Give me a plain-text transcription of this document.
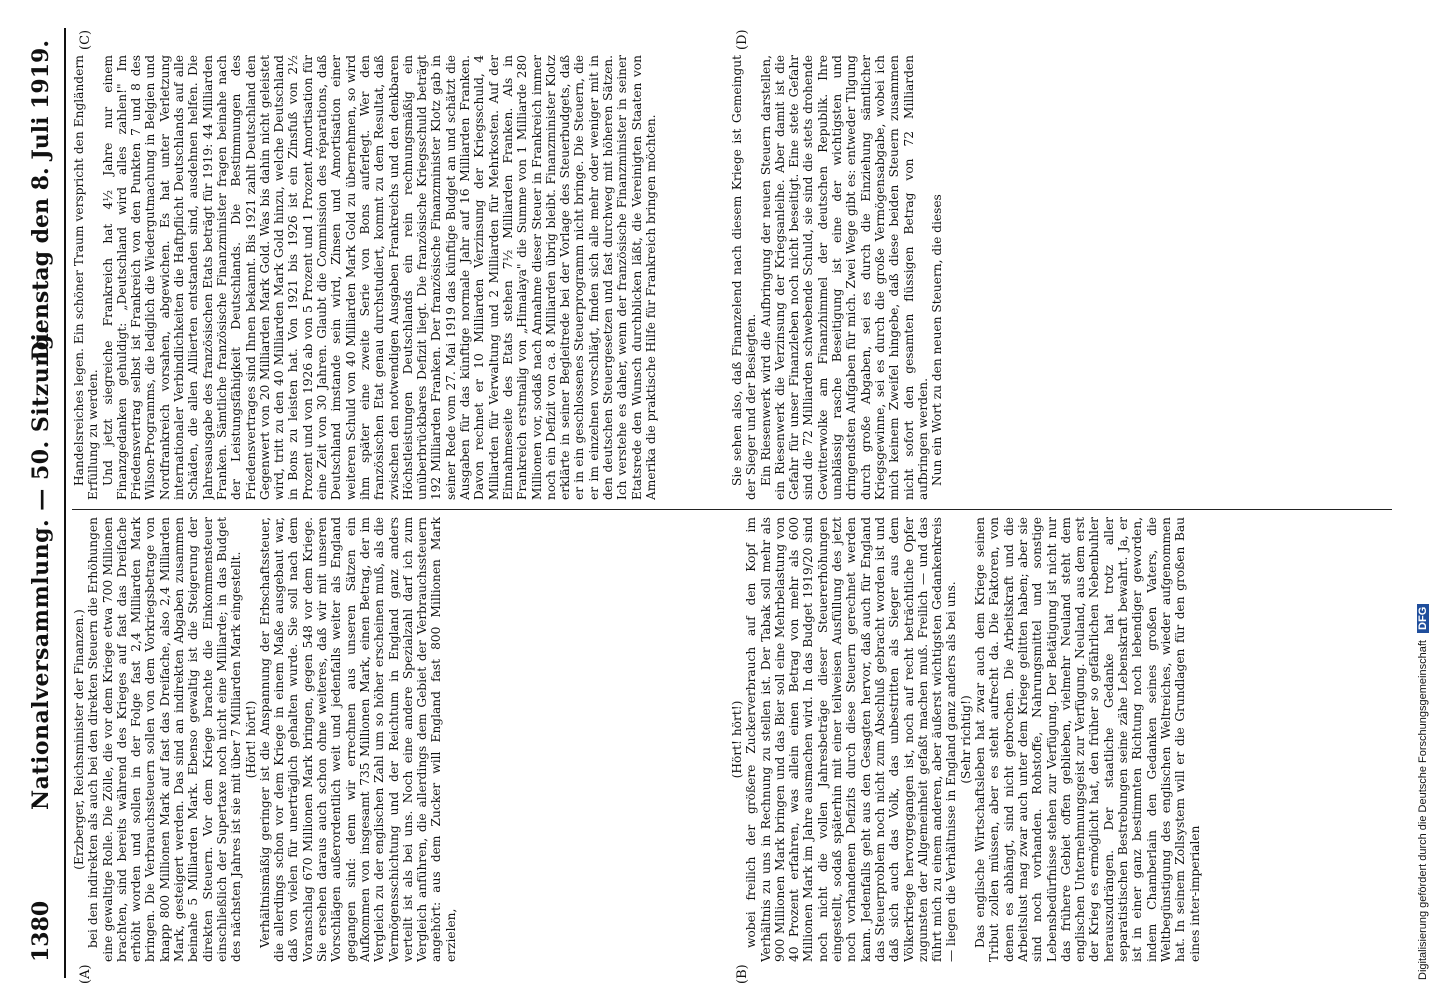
1380
Nationalversammlung. — 50. Sitzung.
Dienstag den 8. Juli 1919.
(A)	(B)
(C)	(D)

(Erzberger, Reichsminister der Finanzen.) bei den indirekten als auch bei den direkten Steuern die Erhöhungen eine gewaltige Rolle. Die Zölle, die vor dem Kriege etwa 700 Millionen brachten, sind bereits während des Krieges auf fast das Dreifache erhöht worden und sollen in der Folge fast 2,4 Milliarden Mark bringen. Die Verbrauchssteuern sollen von dem Vorkriegsbetrage von knapp 800 Millionen Mark auf fast das Dreifache, also 2,4 Milliarden Mark, gesteigert werden. Das sind an indirekten Abgaben zusammen beinahe 5 Milliarden Mark. Ebenso gewaltig ist die Steigerung der direkten Steuern. Vor dem Kriege brachte die Einkommensteuer einschließlich der Supertaxe noch nicht eine Milliarde; in das Budget des nächsten Jahres ist sie mit über 7 Milliarden Mark eingestellt. (Hört! hört!) Verhältnismäßig geringer ist die Anspannung der Erbschaftssteuer, die allerdings schon vor dem Kriege in einem Maße ausgebaut war, daß von vielen für unerträglich gehalten wurde. Sie soll nach dem Voranschlag 670 Millionen Mark bringen, gegen 548 vor dem Kriege. Sie ersehen daraus auch schon ohne weiteres, daß wir mit unseren Vorschlägen außerordentlich weit und jedenfalls weiter als England gegangen sind: denn wir errechnen aus unseren Sätzen ein Aufkommen von insgesamt 735 Millionen Mark, einen Betrag, der im Vergleich zu der englischen Zahl um so höher erscheinen muß, als die Vermögensschichtung und der Reichtum in England ganz anders verteilt ist als bei uns. Noch eine andere Spezialzahl darf ich zum Vergleich anführen, die allerdings dem Gebiet der Verbrauchssteuern angehört: aus dem Zucker will England fast 800 Millionen Mark erzielen,

(Hört! hört!) wobei freilich der größere Zuckerverbrauch auf den Kopf im Verhältnis zu uns in Rechnung zu stellen ist. Der Tabak soll mehr als 900 Millionen Mark bringen und das Bier soll eine Mehrbelastung von 40 Prozent erfahren, was allein einen Betrag von mehr als 600 Millionen Mark im Jahre ausmachen wird. In das Budget 1919/20 sind noch nicht die vollen Jahresbeträge dieser Steuererhöhungen eingestellt, sodaß späterhin mit einer teilweisen Ausfüllung des jetzt noch vorhandenen Defizits durch diese Steuern gerechnet werden kann. Jedenfalls geht aus den Gesagten hervor, daß auch für England das Steuerproblem noch nicht zum Abschluß gebracht worden ist und daß sich auch das Volk, das unbestritten als Sieger aus dem Völkerkriege hervorgegangen ist, noch auf recht beträchtliche Opfer zugunsten der Allgemeinheit gefaßt machen muß. Freilich — und das führt mich zu einem anderen, aber äußerst wichtigsten Gedankenkreis — liegen die Verhältnisse in England ganz anders als bei uns. (Sehr richtig!) Das englische Wirtschaftsleben hat zwar auch dem Kriege seinen Tribut zollen müssen, aber es steht aufrecht da. Die Faktoren, von denen es abhängt, sind nicht gebrochen. Die Arbeitskraft und die Arbeitslust mag zwar auch unter dem Kriege gelitten haben; aber sie sind noch vorhanden. Rohstoffe, Nahrungsmittel und sonstige Lebensbedürfnisse stehen zur Verfügung. Der Betätigung ist nicht nur das frühere Gebiet offen geblieben, vielmehr Neuland steht dem englischen Unternehmungsgeist zur Verfügung. Neuland, aus dem erst der Krieg es ermöglicht hat, den früher so gefährlichen Nebenbuhler herauszudrängen. Der staatliche Gedanke hat trotz aller separatistischen Bestrebungen seine zähe Lebenskraft bewahrt. Ja, er ist in einer ganz bestimmten Richtung noch lebendiger geworden, indem Chamberlain den Gedanken seines großen Vaters, die Weltbegünstigung des englischen Weltreiches, wieder aufgenommen hat. In seinem Zollsystem will er die Grundlagen für den großen Bau eines inter-imperialen

Handelsreiches legen. Ein schöner Traum verspricht den Engländern Erfüllung zu werden. Und jetzt siegreiche Frankreich hat 4½ Jahre nur einem Finanzgedanken gehuldigt: „Deutschland wird alles zahlen!" Im Friedensvertrag selbst ist Frankreich von den Punkten 7 und 8 des Wilson-Programms, die lediglich die Wiedergutmachung in Belgien und Nordfrankreich vorsahen, abgewichen. Es hat unter Verletzung internationaler Verbindlichkeiten die Haftpflicht Deutschlands auf alle Schäden, die allen Alliierten entstanden sind, ausdehnen helfen. Die Jahresausgabe des französischen Etats beträgt für 1919: 44 Milliarden Franken. Sämtliche französische Finanzminister fragen beinahe nach der Leistungsfähigkeit Deutschlands. Die Bestimmungen des Friedensvertrages sind Ihnen bekannt. Bis 1921 zahlt Deutschland den Gegenwert von 20 Milliarden Mark Gold. Was bis dahin nicht geleistet wird, tritt zu den 40 Milliarden Mark Gold hinzu, welche Deutschland in Bons zu leisten hat. Von 1921 bis 1926 ist ein Zinsfuß von 2½ Prozent und von 1926 ab von 5 Prozent und 1 Prozent Amortisation für eine Zeit von 30 Jahren. Glaubt die Commission des réparations, daß Deutschland imstande sein wird, Zinsen und Amortisation einer weiteren Schuld von 40 Milliarden Mark Gold zu übernehmen, so wird ihm später eine zweite Serie von Bons auferlegt. Wer den französischen Etat genau durchstudiert, kommt zu dem Resultat, daß zwischen den notwendigen Ausgaben Frankreichs und den denkbaren Höchstleistungen Deutschlands ein rein rechnungsmäßig ein unüberbrückbares Defizit liegt. Die französische Kriegsschuld beträgt 192 Milliarden Franken. Der französische Finanzminister Klotz gab in seiner Rede vom 27. Mai 1919 das künftige Budget an und schätzt die Ausgaben für das künftige normale Jahr auf 16 Milliarden Franken. Davon rechnet er 10 Milliarden Verzinsung der Kriegsschuld, 4 Milliarden für Verwaltung und 2 Milliarden für Mehrkosten. Auf der Einnahmeseite des Etats stehen 7½ Milliarden Franken. Als in Frankreich erstmalig von „Himalaya" die Summe von 1 Milliarde 280 Millionen vor, sodaß nach Annahme dieser Steuer in Frankreich immer noch ein Defizit von ca. 8 Milliarden übrig bleibt. Finanzminister Klotz erklärte in seiner Begleitrede bei der Vorlage des Steuerbudgets, daß er in ein geschlossenes Steuerprogramm nicht bringe. Die Steuern, die er im einzelnen vorschlägt, finden sich alle mehr oder weniger mit in den deutschen Steuergesetzen und fast durchweg mit höheren Sätzen. Ich verstehe es daher, wenn der französische Finanzminister in seiner Etatsrede den Wunsch durchblicken läßt, die Vereinigten Staaten von Amerika die praktische Hilfe für Frankreich bringen möchten.	Sie sehen also, daß Finanzelend nach diesem Kriege ist Gemeingut der Sieger und der Besiegten. Ein Riesenwerk wird die Aufbringung der neuen Steuern darstellen, ein Riesenwerk die Verzinsung der Kriegsanleihe. Aber damit ist die Gefahr für unser Finanzleben noch nicht beseitigt. Eine stete Gefahr sind die 72 Milliarden schwebende Schuld, sie sind die stets drohende Gewitterwolke am Finanzhimmel der deutschen Republik. Ihre unablässig rasche Beseitigung ist eine der wichtigsten und dringendsten Aufgaben für mich. Zwei Wege gibt es: entweder Tilgung durch große Abgaben, sei es durch die Einziehung sämtlicher Kriegsgewinne, sei es durch die große Vermögensabgabe, wobei ich mich keinem Zweifel hingebe, daß diese beiden Steuern zusammen nicht sofort den gesamten flüssigen Betrag von 72 Milliarden aufbringen werden. Nun ein Wort zu den neuen Steuern, die dieses

Digitalisierung gefördert durch die Deutsche Forschungsgemeinschaft DFG
